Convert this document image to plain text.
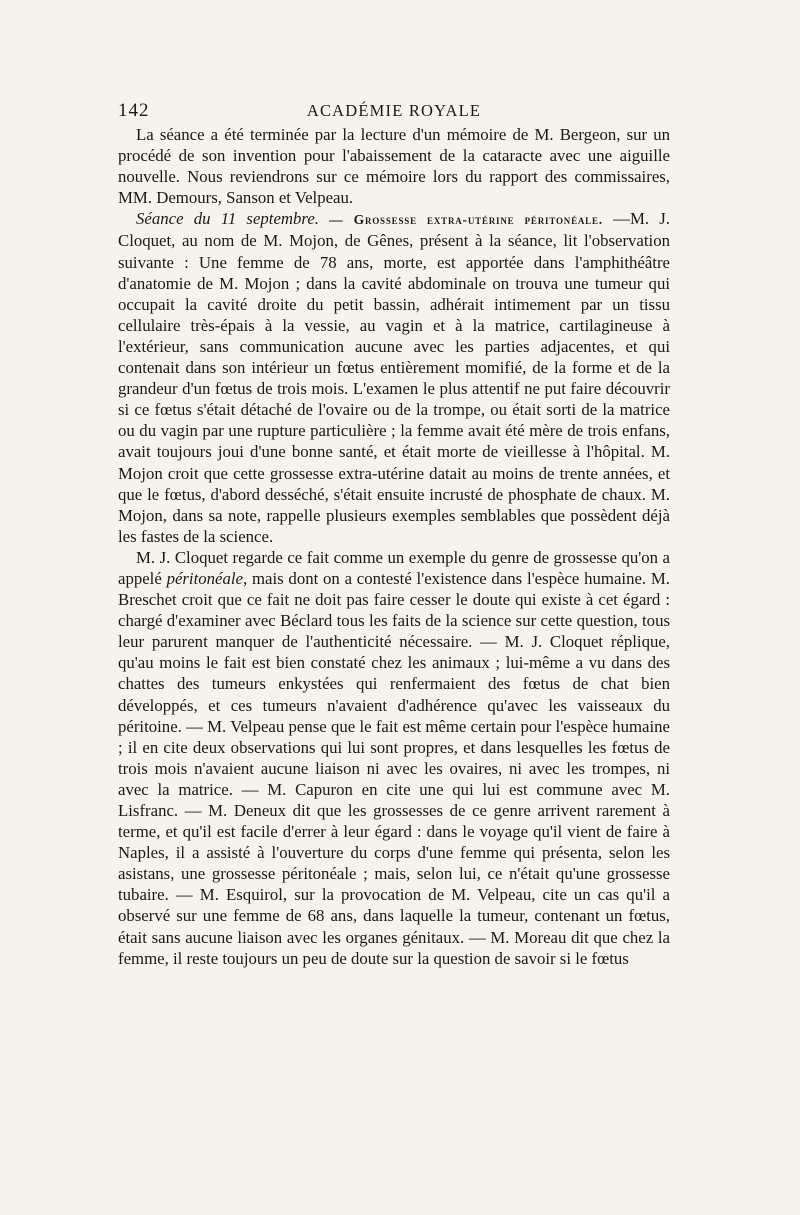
142	ACADÉMIE ROYALE

La séance a été terminée par la lecture d'un mémoire de M. Bergeon, sur un procédé de son invention pour l'abaissement de la cataracte avec une aiguille nouvelle. Nous reviendrons sur ce mémoire lors du rapport des commissaires, MM. Demours, Sanson et Velpeau.

Séance du 11 septembre. — Grossesse extra-utérine péritonéale. —M. J. Cloquet, au nom de M. Mojon, de Gênes, présent à la séance, lit l'observation suivante : Une femme de 78 ans, morte, est apportée dans l'amphithéâtre d'anatomie de M. Mojon ; dans la cavité abdominale on trouva une tumeur qui occupait la cavité droite du petit bassin, adhérait intimement par un tissu cellulaire très-épais à la vessie, au vagin et à la matrice, cartilagineuse à l'extérieur, sans communication aucune avec les parties adjacentes, et qui contenait dans son intérieur un fœtus entièrement momifié, de la forme et de la grandeur d'un fœtus de trois mois. L'examen le plus attentif ne put faire découvrir si ce fœtus s'était détaché de l'ovaire ou de la trompe, ou était sorti de la matrice ou du vagin par une rupture particulière ; la femme avait été mère de trois enfans, avait toujours joui d'une bonne santé, et était morte de vieillesse à l'hôpital. M. Mojon croit que cette grossesse extra-utérine datait au moins de trente années, et que le fœtus, d'abord desséché, s'était ensuite incrusté de phosphate de chaux. M. Mojon, dans sa note, rappelle plusieurs exemples semblables que possèdent déjà les fastes de la science.

M. J. Cloquet regarde ce fait comme un exemple du genre de grossesse qu'on a appelé péritonéale, mais dont on a contesté l'existence dans l'espèce humaine. M. Breschet croit que ce fait ne doit pas faire cesser le doute qui existe à cet égard : chargé d'examiner avec Béclard tous les faits de la science sur cette question, tous leur parurent manquer de l'authenticité nécessaire. — M. J. Cloquet réplique, qu'au moins le fait est bien constaté chez les animaux ; lui-même a vu dans des chattes des tumeurs enkystées qui renfermaient des fœtus de chat bien développés, et ces tumeurs n'avaient d'adhérence qu'avec les vaisseaux du péritoine. — M. Velpeau pense que le fait est même certain pour l'espèce humaine ; il en cite deux observations qui lui sont propres, et dans lesquelles les fœtus de trois mois n'avaient aucune liaison ni avec les ovaires, ni avec les trompes, ni avec la matrice. — M. Capuron en cite une qui lui est commune avec M. Lisfranc. — M. Deneux dit que les grossesses de ce genre arrivent rarement à terme, et qu'il est facile d'errer à leur égard : dans le voyage qu'il vient de faire à Naples, il a assisté à l'ouverture du corps d'une femme qui présenta, selon les asistans, une grossesse péritonéale ; mais, selon lui, ce n'était qu'une grossesse tubaire. — M. Esquirol, sur la provocation de M. Velpeau, cite un cas qu'il a observé sur une femme de 68 ans, dans laquelle la tumeur, contenant un fœtus, était sans aucune liaison avec les organes génitaux. — M. Moreau dit que chez la femme, il reste toujours un peu de doute sur la question de savoir si le fœtus
